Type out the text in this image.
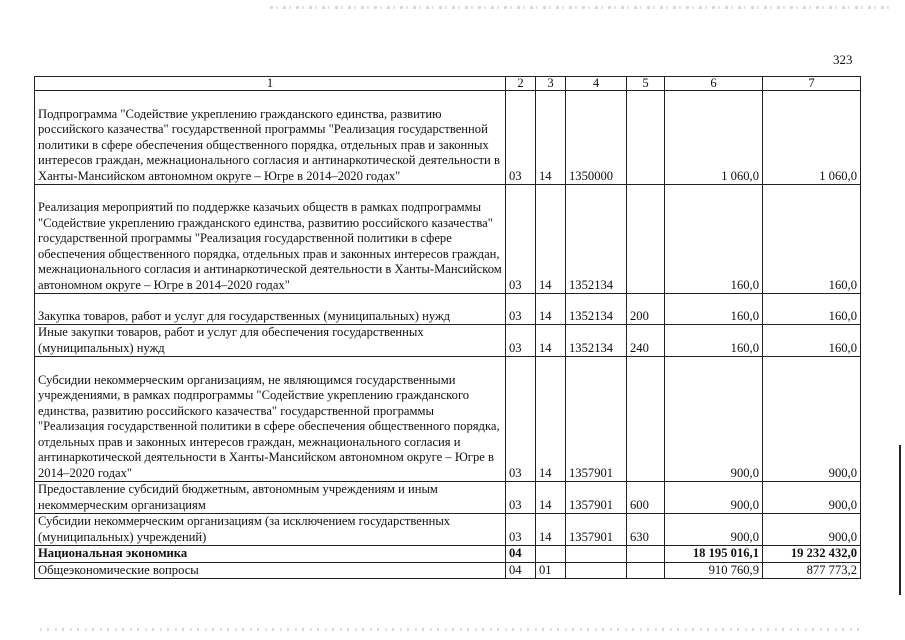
323
1	2	3	4	5	6	7
Подпрограмма "Содействие укреплению гражданского единства, развитию российского казачества" государственной программы "Реализация государственной политики в сфере обеспечения общественного порядка, отдельных прав и законных интересов граждан, межнационального согласия и антинаркотической деятельности в Ханты-Мансийском автономном округе – Югре в 2014–2020 годах"	03	14	1350000		1 060,0	1 060,0
Реализация мероприятий по поддержке казачьих обществ в рамках подпрограммы "Содействие укреплению гражданского единства, развитию российского казачества" государственной программы "Реализация государственной политики в сфере обеспечения общественного порядка, отдельных прав и законных интересов граждан, межнационального согласия и антинаркотической деятельности в Ханты-Мансийском автономном округе – Югре в 2014–2020 годах"	03	14	1352134		160,0	160,0
Закупка товаров, работ и услуг для государственных (муниципальных) нужд	03	14	1352134	200	160,0	160,0
Иные закупки товаров, работ и услуг для обеспечения государственных (муниципальных) нужд	03	14	1352134	240	160,0	160,0
Субсидии некоммерческим организациям, не являющимся государственными учреждениями, в рамках подпрограммы "Содействие укреплению гражданского единства, развитию российского казачества" государственной программы "Реализация государственной политики в сфере обеспечения общественного порядка, отдельных прав и законных интересов граждан, межнационального согласия и антинаркотической деятельности в Ханты-Мансийском автономном округе – Югре в 2014–2020 годах"	03	14	1357901		900,0	900,0
Предоставление субсидий бюджетным, автономным учреждениям и иным некоммерческим организациям	03	14	1357901	600	900,0	900,0
Субсидии некоммерческим организациям (за исключением государственных (муниципальных) учреждений)	03	14	1357901	630	900,0	900,0
Национальная экономика	04				18 195 016,1	19 232 432,0
Общеэкономические вопросы	04	01			910 760,9	877 773,2
